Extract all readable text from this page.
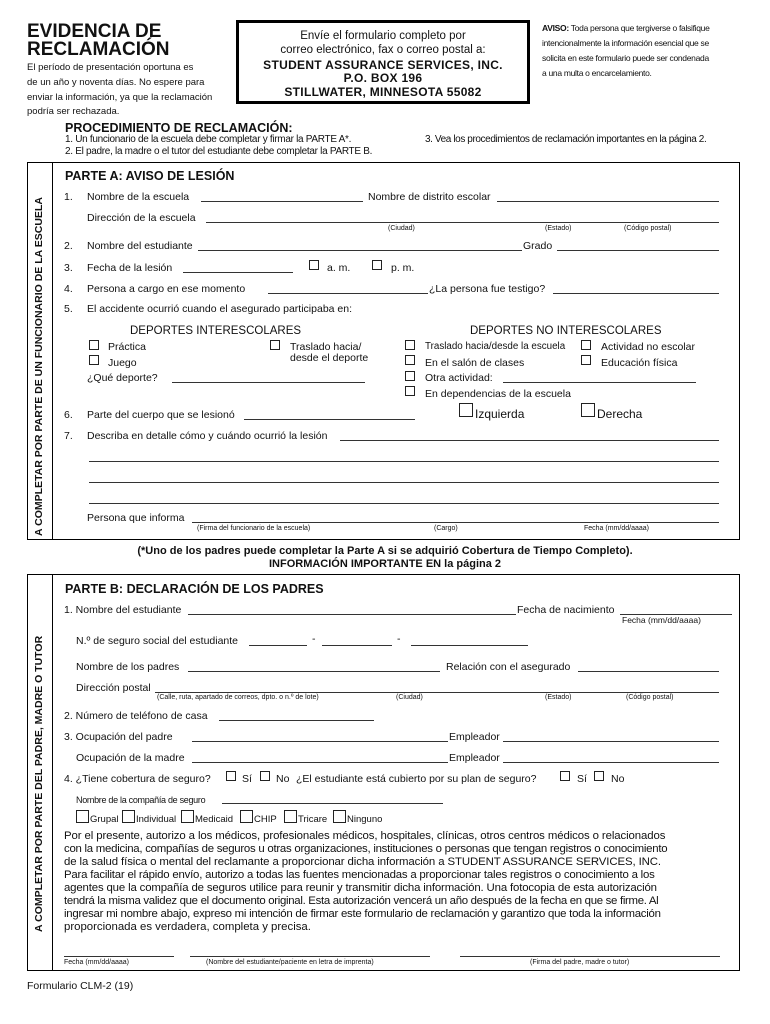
EVIDENCIA DE
RECLAMACIÓN
El período de presentación oportuna es
de un año y noventa días. No espere para
enviar la información, ya que la reclamación
podría ser rechazada.
Envíe el formulario completo por
correo electrónico, fax o correo postal a:
STUDENT ASSURANCE SERVICES, INC.
P.O. BOX 196
STILLWATER, MINNESOTA 55082
AVISO: Toda persona que tergiverse o falsifique
intencionalmente la información esencial que se
solicita en este formulario puede ser condenada
a una multa o encarcelamiento.
PROCEDIMIENTO DE RECLAMACIÓN:
1. Un funcionario de la escuela debe completar y firmar la PARTE A*.
2. El padre, la madre o el tutor del estudiante debe completar la PARTE B.
3. Vea los procedimientos de reclamación importantes en la página 2.
A COMPLETAR POR PARTE DE UN FUNCIONARIO DE LA ESCUELA
PARTE A: AVISO DE LESIÓN
1. Nombre de la escuela	Nombre de distrito escolar
Dirección de la escuela
(Ciudad)	(Estado)	(Código postal)
2. Nombre del estudiante	Grado
3. Fecha de la lesión	a. m.	p. m.
4. Persona a cargo en ese momento	¿La persona fue testigo?
5. El accidente ocurrió cuando el asegurado participaba en:
DEPORTES INTERESCOLARES
Práctica
Juego
¿Qué deporte?
Traslado hacia/
desde el deporte
DEPORTES NO INTERESCOLARES
Traslado hacia/desde la escuela
En el salón de clases
Otra actividad:
En dependencias de la escuela
Actividad no escolar
Educación física
6. Parte del cuerpo que se lesionó	Izquierda	Derecha
7. Describa en detalle cómo y cuándo ocurrió la lesión
Persona que informa
(Firma del funcionario de la escuela)	(Cargo)	Fecha (mm/dd/aaaa)
(*Uno de los padres puede completar la Parte A si se adquirió Cobertura de Tiempo Completo).
INFORMACIÓN IMPORTANTE EN la página 2
A COMPLETAR POR PARTE DEL PADRE, MADRE O TUTOR
PARTE B: DECLARACIÓN DE LOS PADRES
1. Nombre del estudiante	Fecha de nacimiento
Fecha (mm/dd/aaaa)
N.º de seguro social del estudiante	-	-
Nombre de los padres	Relación con el asegurado
Dirección postal
(Calle, ruta, apartado de correos, dpto. o n.º de lote)	(Ciudad)	(Estado)	(Código postal)
2. Número de teléfono de casa
3. Ocupación del padre	Empleador
Ocupación de la madre	Empleador
4. ¿Tiene cobertura de seguro?	Sí No ¿El estudiante está cubierto por su plan de seguro?	Sí No
Nombre de la compañía de seguro
Grupal Individual Medicaid CHIP Tricare Ninguno
Por el presente, autorizo a los médicos, profesionales médicos, hospitales, clínicas, otros centros médicos o relacionados
con la medicina, compañías de seguros u otras organizaciones, instituciones o personas que tengan registros o conocimiento
de la salud física o mental del reclamante a proporcionar dicha información a STUDENT ASSURANCE SERVICES, INC.
Para facilitar el rápido envío, autorizo a todas las fuentes mencionadas a proporcionar tales registros o conocimiento a los
agentes que la compañía de seguros utilice para reunir y transmitir dicha información. Una fotocopia de esta autorización
tendrá la misma validez que el documento original. Esta autorización vencerá un año después de la fecha en que se firme. Al
ingresar mi nombre abajo, expreso mi intención de firmar este formulario de reclamación y garantizo que toda la información
proporcionada es verdadera, completa y precisa.
Fecha (mm/dd/aaaa)	(Nombre del estudiante/paciente en letra de imprenta)	(Firma del padre, madre o tutor)
Formulario CLM-2 (19)
